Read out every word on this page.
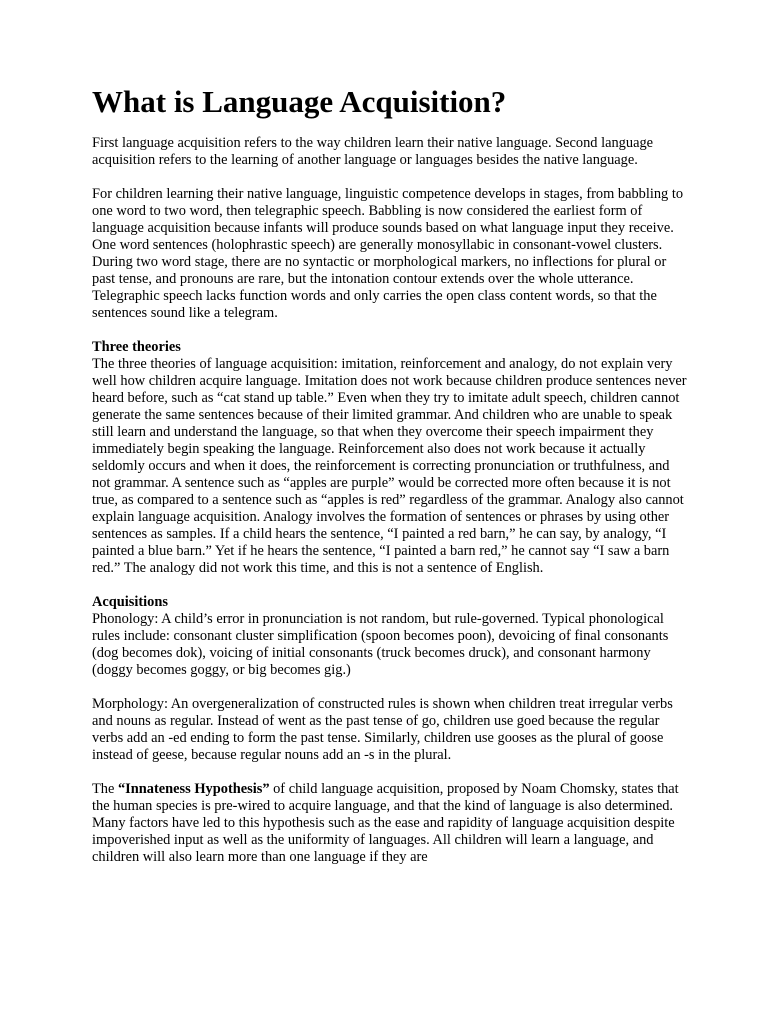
What is Language Acquisition?

First language acquisition refers to the way children learn their native language. Second language acquisition refers to the learning of another language or languages besides the native language.

For children learning their native language, linguistic competence develops in stages, from babbling to one word to two word, then telegraphic speech. Babbling is now considered the earliest form of language acquisition because infants will produce sounds based on what language input they receive. One word sentences (holophrastic speech) are generally monosyllabic in consonant-vowel clusters. During two word stage, there are no syntactic or morphological markers, no inflections for plural or past tense, and pronouns are rare, but the intonation contour extends over the whole utterance. Telegraphic speech lacks function words and only carries the open class content words, so that the sentences sound like a telegram.

Three theories
The three theories of language acquisition: imitation, reinforcement and analogy, do not explain very well how children acquire language. Imitation does not work because children produce sentences never heard before, such as “cat stand up table.” Even when they try to imitate adult speech, children cannot generate the same sentences because of their limited grammar. And children who are unable to speak still learn and understand the language, so that when they overcome their speech impairment they immediately begin speaking the language. Reinforcement also does not work because it actually seldomly occurs and when it does, the reinforcement is correcting pronunciation or truthfulness, and not grammar. A sentence such as “apples are purple” would be corrected more often because it is not true, as compared to a sentence such as “apples is red” regardless of the grammar. Analogy also cannot explain language acquisition. Analogy involves the formation of sentences or phrases by using other sentences as samples. If a child hears the sentence, “I painted a red barn,” he can say, by analogy, “I painted a blue barn.” Yet if he hears the sentence, “I painted a barn red,” he cannot say “I saw a barn red.” The analogy did not work this time, and this is not a sentence of English.
Acquisitions
Phonology: A child’s error in pronunciation is not random, but rule-governed. Typical phonological rules include: consonant cluster simplification (spoon becomes poon), devoicing of final consonants (dog becomes dok), voicing of initial consonants (truck becomes druck), and consonant harmony (doggy becomes goggy, or big becomes gig.)

Morphology: An overgeneralization of constructed rules is shown when children treat irregular verbs and nouns as regular. Instead of went as the past tense of go, children use goed because the regular verbs add an -ed ending to form the past tense. Similarly, children use gooses as the plural of goose instead of geese, because regular nouns add an -s in the plural.

The “Innateness Hypothesis” of child language acquisition, proposed by Noam Chomsky, states that the human species is pre-wired to acquire language, and that the kind of language is also determined. Many factors have led to this hypothesis such as the ease and rapidity of language acquisition despite impoverished input as well as the uniformity of languages. All children will learn a language, and children will also learn more than one language if they are
